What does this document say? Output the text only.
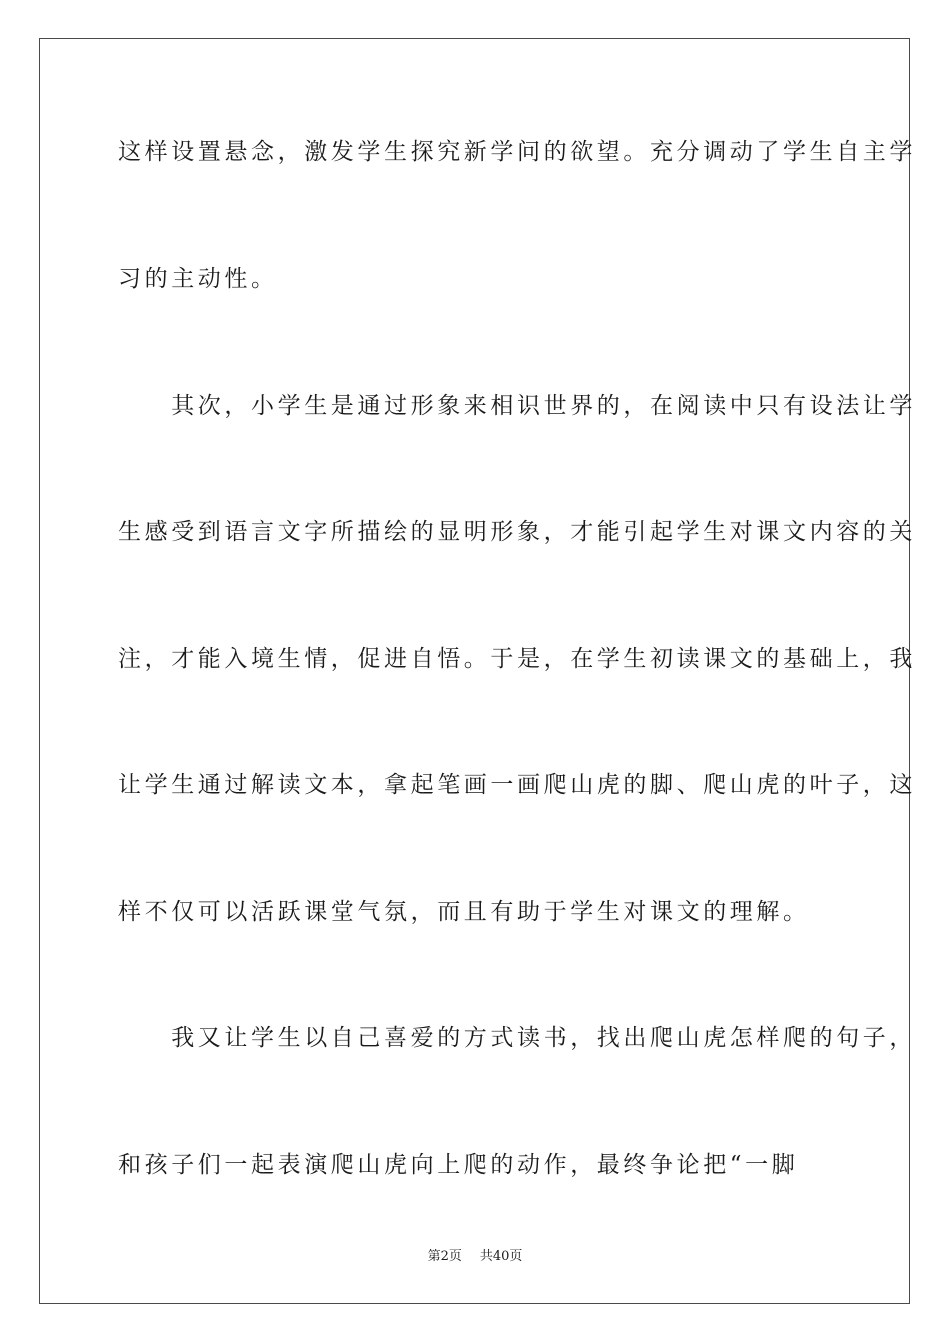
这样设置悬念，激发学生探究新学问的欲望。充分调动了学生自主学
习的主动性。
　　其次，小学生是通过形象来相识世界的，在阅读中只有设法让学
生感受到语言文字所描绘的显明形象，才能引起学生对课文内容的关
注，才能入境生情，促进自悟。于是，在学生初读课文的基础上，我
让学生通过解读文本，拿起笔画一画爬山虎的脚、爬山虎的叶子，这
样不仅可以活跃课堂气氛，而且有助于学生对课文的理解。
　　我又让学生以自己喜爱的方式读书，找出爬山虎怎样爬的句子，
和孩子们一起表演爬山虎向上爬的动作，最终争论把“一脚
第2页 共40页
